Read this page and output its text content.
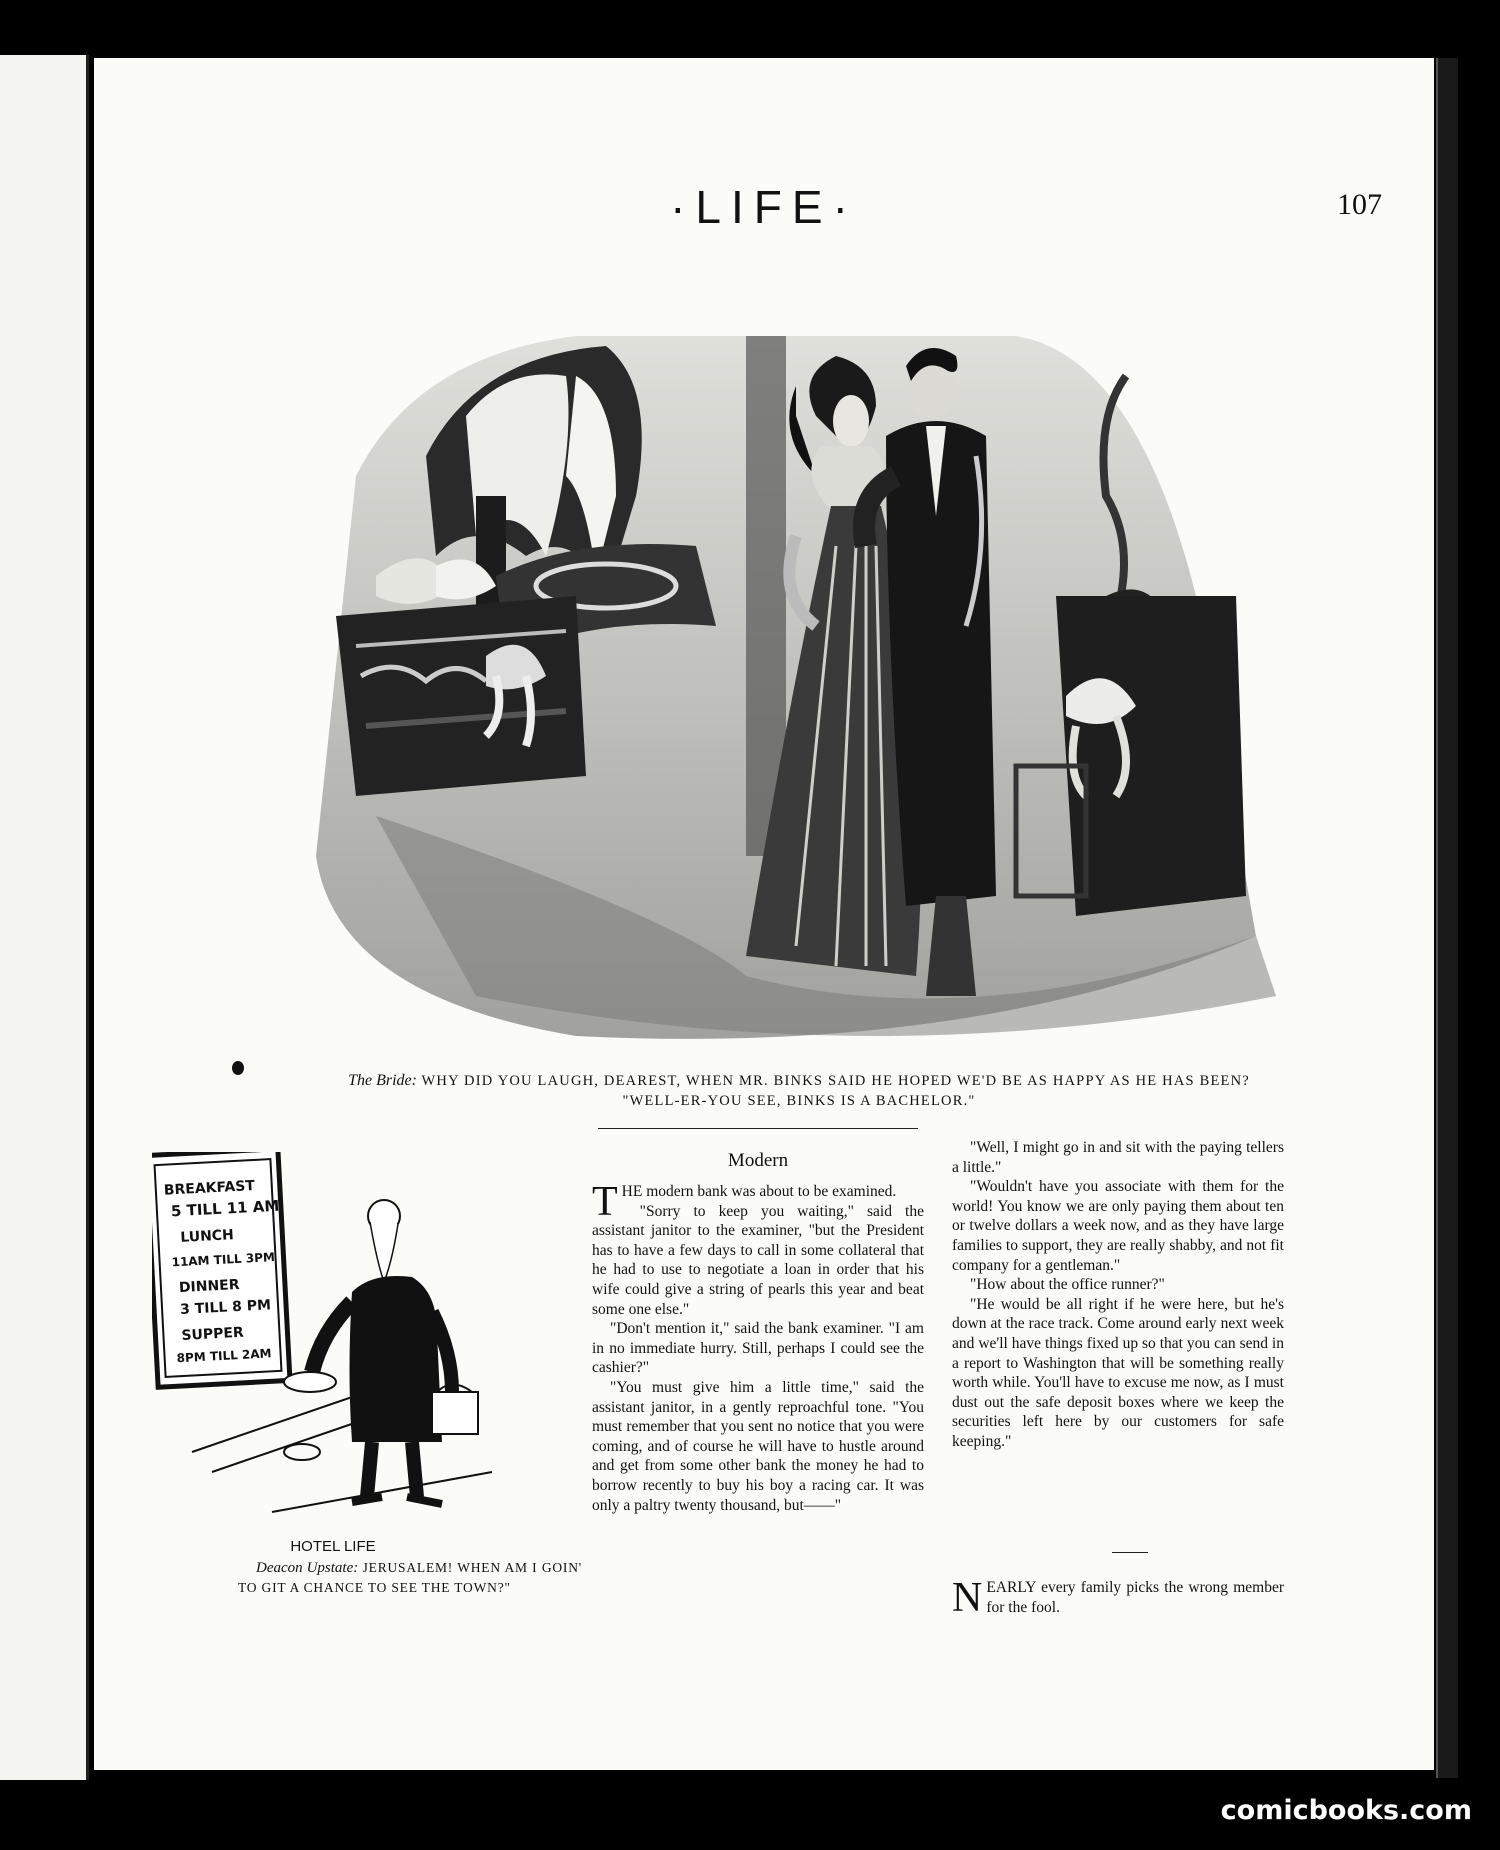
·LIFE·	107
The Bride: WHY DID YOU LAUGH, DEAREST, WHEN MR. BINKS SAID HE HOPED WE'D BE AS HAPPY AS HE HAS BEEN?
"WELL-ER-YOU SEE, BINKS IS A BACHELOR."
BREAKFAST
5 TILL 11 AM
LUNCH
11AM TILL 3PM
DINNER
3 TILL 8 PM
SUPPER
8PM TILL 2AM
HOTEL LIFE
Deacon Upstate: JERUSALEM! WHEN AM I GOIN' TO GIT A CHANCE TO SEE THE TOWN?"
Modern

THE modern bank was about to be examined.

"Sorry to keep you waiting," said the assistant janitor to the examiner, "but the President has to have a few days to call in some collateral that he had to use to negotiate a loan in order that his wife could give a string of pearls this year and beat some one else."

"Don't mention it," said the bank examiner. "I am in no immediate hurry. Still, perhaps I could see the cashier?"

"You must give him a little time," said the assistant janitor, in a gently reproachful tone. "You must remember that you sent no notice that you were coming, and of course he will have to hustle around and get from some other bank the money he had to borrow recently to buy his boy a racing car. It was only a paltry twenty thousand, but——"

"Well, I might go in and sit with the paying tellers a little."

"Wouldn't have you associate with them for the world! You know we are only paying them about ten or twelve dollars a week now, and as they have large families to support, they are really shabby, and not fit company for a gentleman."

"How about the office runner?"

"He would be all right if he were here, but he's down at the race track. Come around early next week and we'll have things fixed up so that you can send in a report to Washington that will be something really worth while. You'll have to excuse me now, as I must dust out the safe deposit boxes where we keep the securities left here by our customers for safe keeping."

NEARLY every family picks the wrong member for the fool.

comicbooks.com
